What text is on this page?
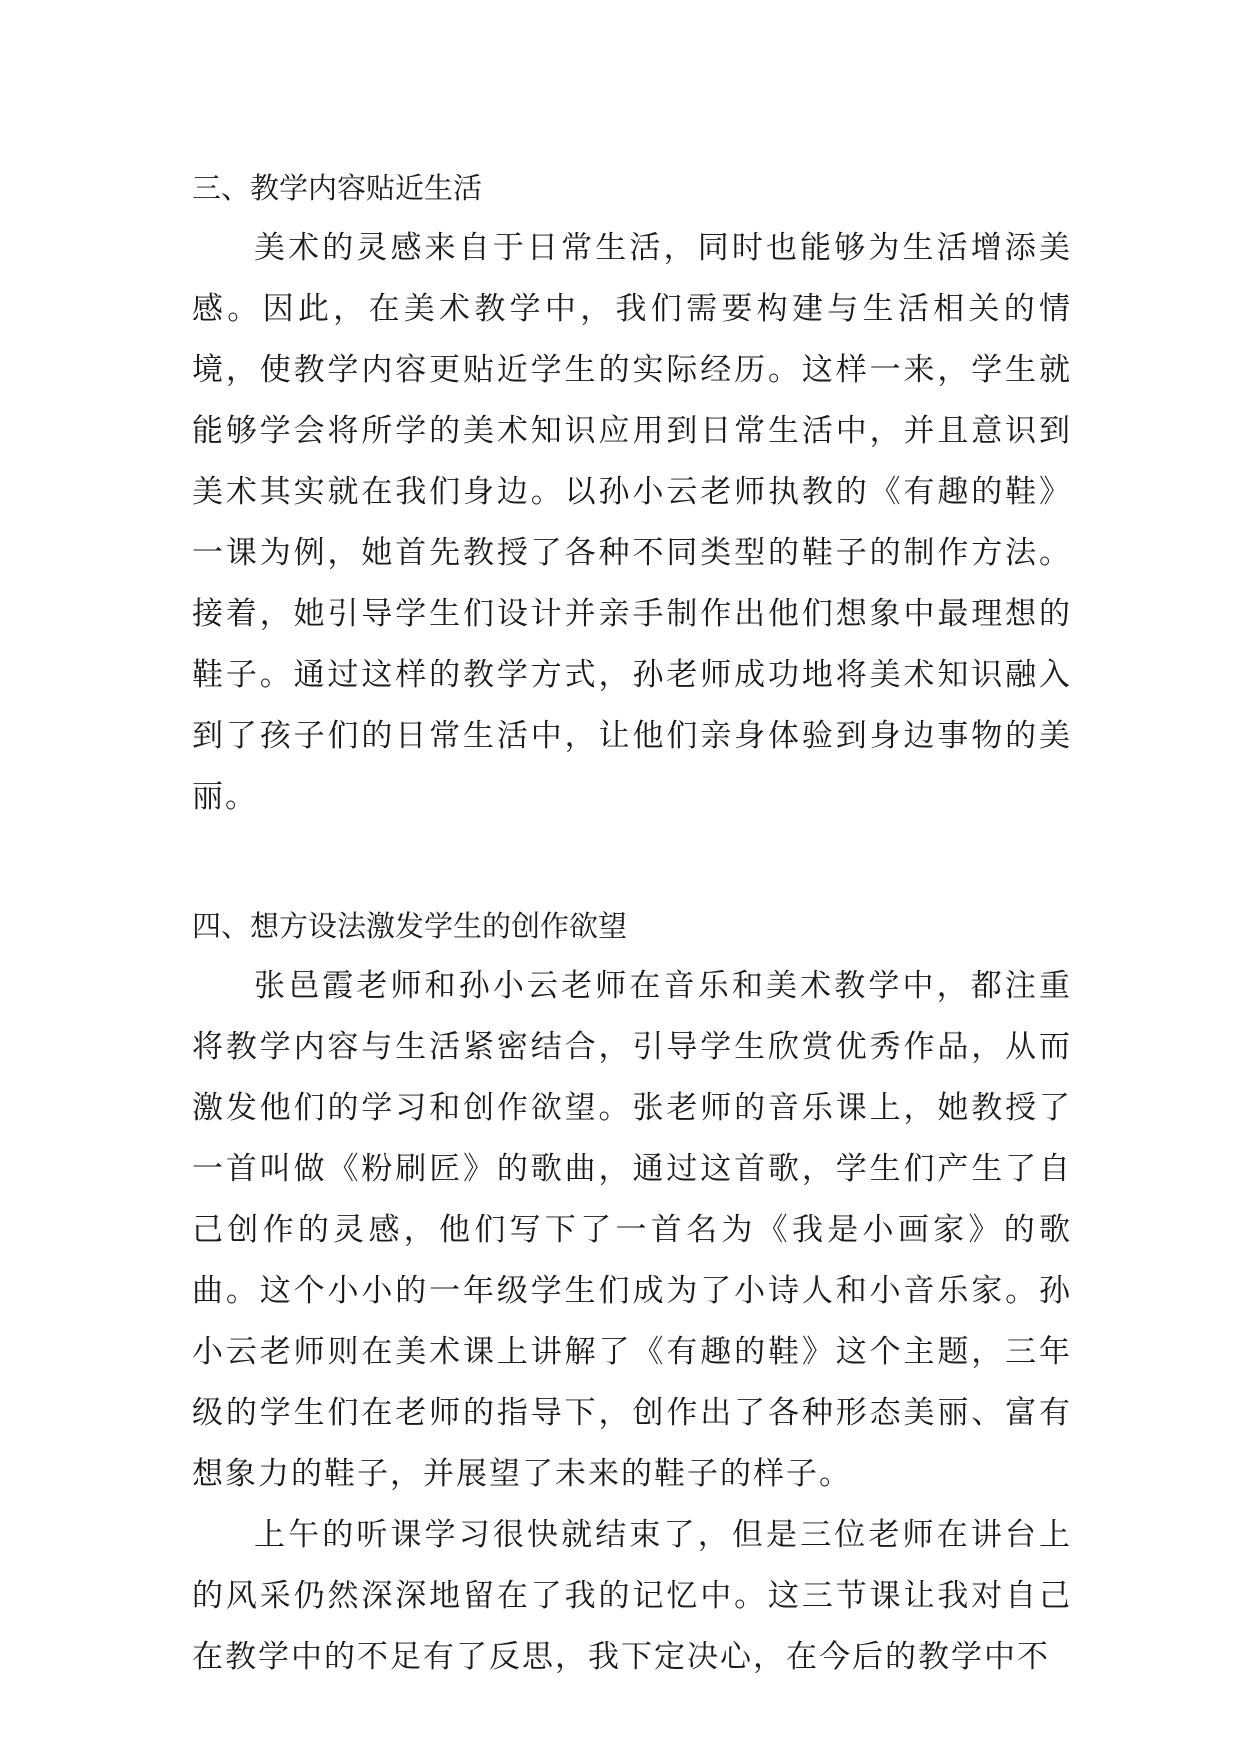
三、教学内容贴近生活

美术的灵感来自于日常生活，同时也能够为生活增添美感。因此，在美术教学中，我们需要构建与生活相关的情境，使教学内容更贴近学生的实际经历。这样一来，学生就能够学会将所学的美术知识应用到日常生活中，并且意识到美术其实就在我们身边。以孙小云老师执教的《有趣的鞋》一课为例，她首先教授了各种不同类型的鞋子的制作方法。接着，她引导学生们设计并亲手制作出他们想象中最理想的鞋子。通过这样的教学方式，孙老师成功地将美术知识融入到了孩子们的日常生活中，让他们亲身体验到身边事物的美丽。

四、想方设法激发学生的创作欲望

张邑霞老师和孙小云老师在音乐和美术教学中，都注重将教学内容与生活紧密结合，引导学生欣赏优秀作品，从而激发他们的学习和创作欲望。张老师的音乐课上，她教授了一首叫做《粉刷匠》的歌曲，通过这首歌，学生们产生了自己创作的灵感，他们写下了一首名为《我是小画家》的歌曲。这个小小的一年级学生们成为了小诗人和小音乐家。孙小云老师则在美术课上讲解了《有趣的鞋》这个主题，三年级的学生们在老师的指导下，创作出了各种形态美丽、富有想象力的鞋子，并展望了未来的鞋子的样子。

上午的听课学习很快就结束了，但是三位老师在讲台上的风采仍然深深地留在了我的记忆中。这三节课让我对自己在教学中的不足有了反思，我下定决心，在今后的教学中不
